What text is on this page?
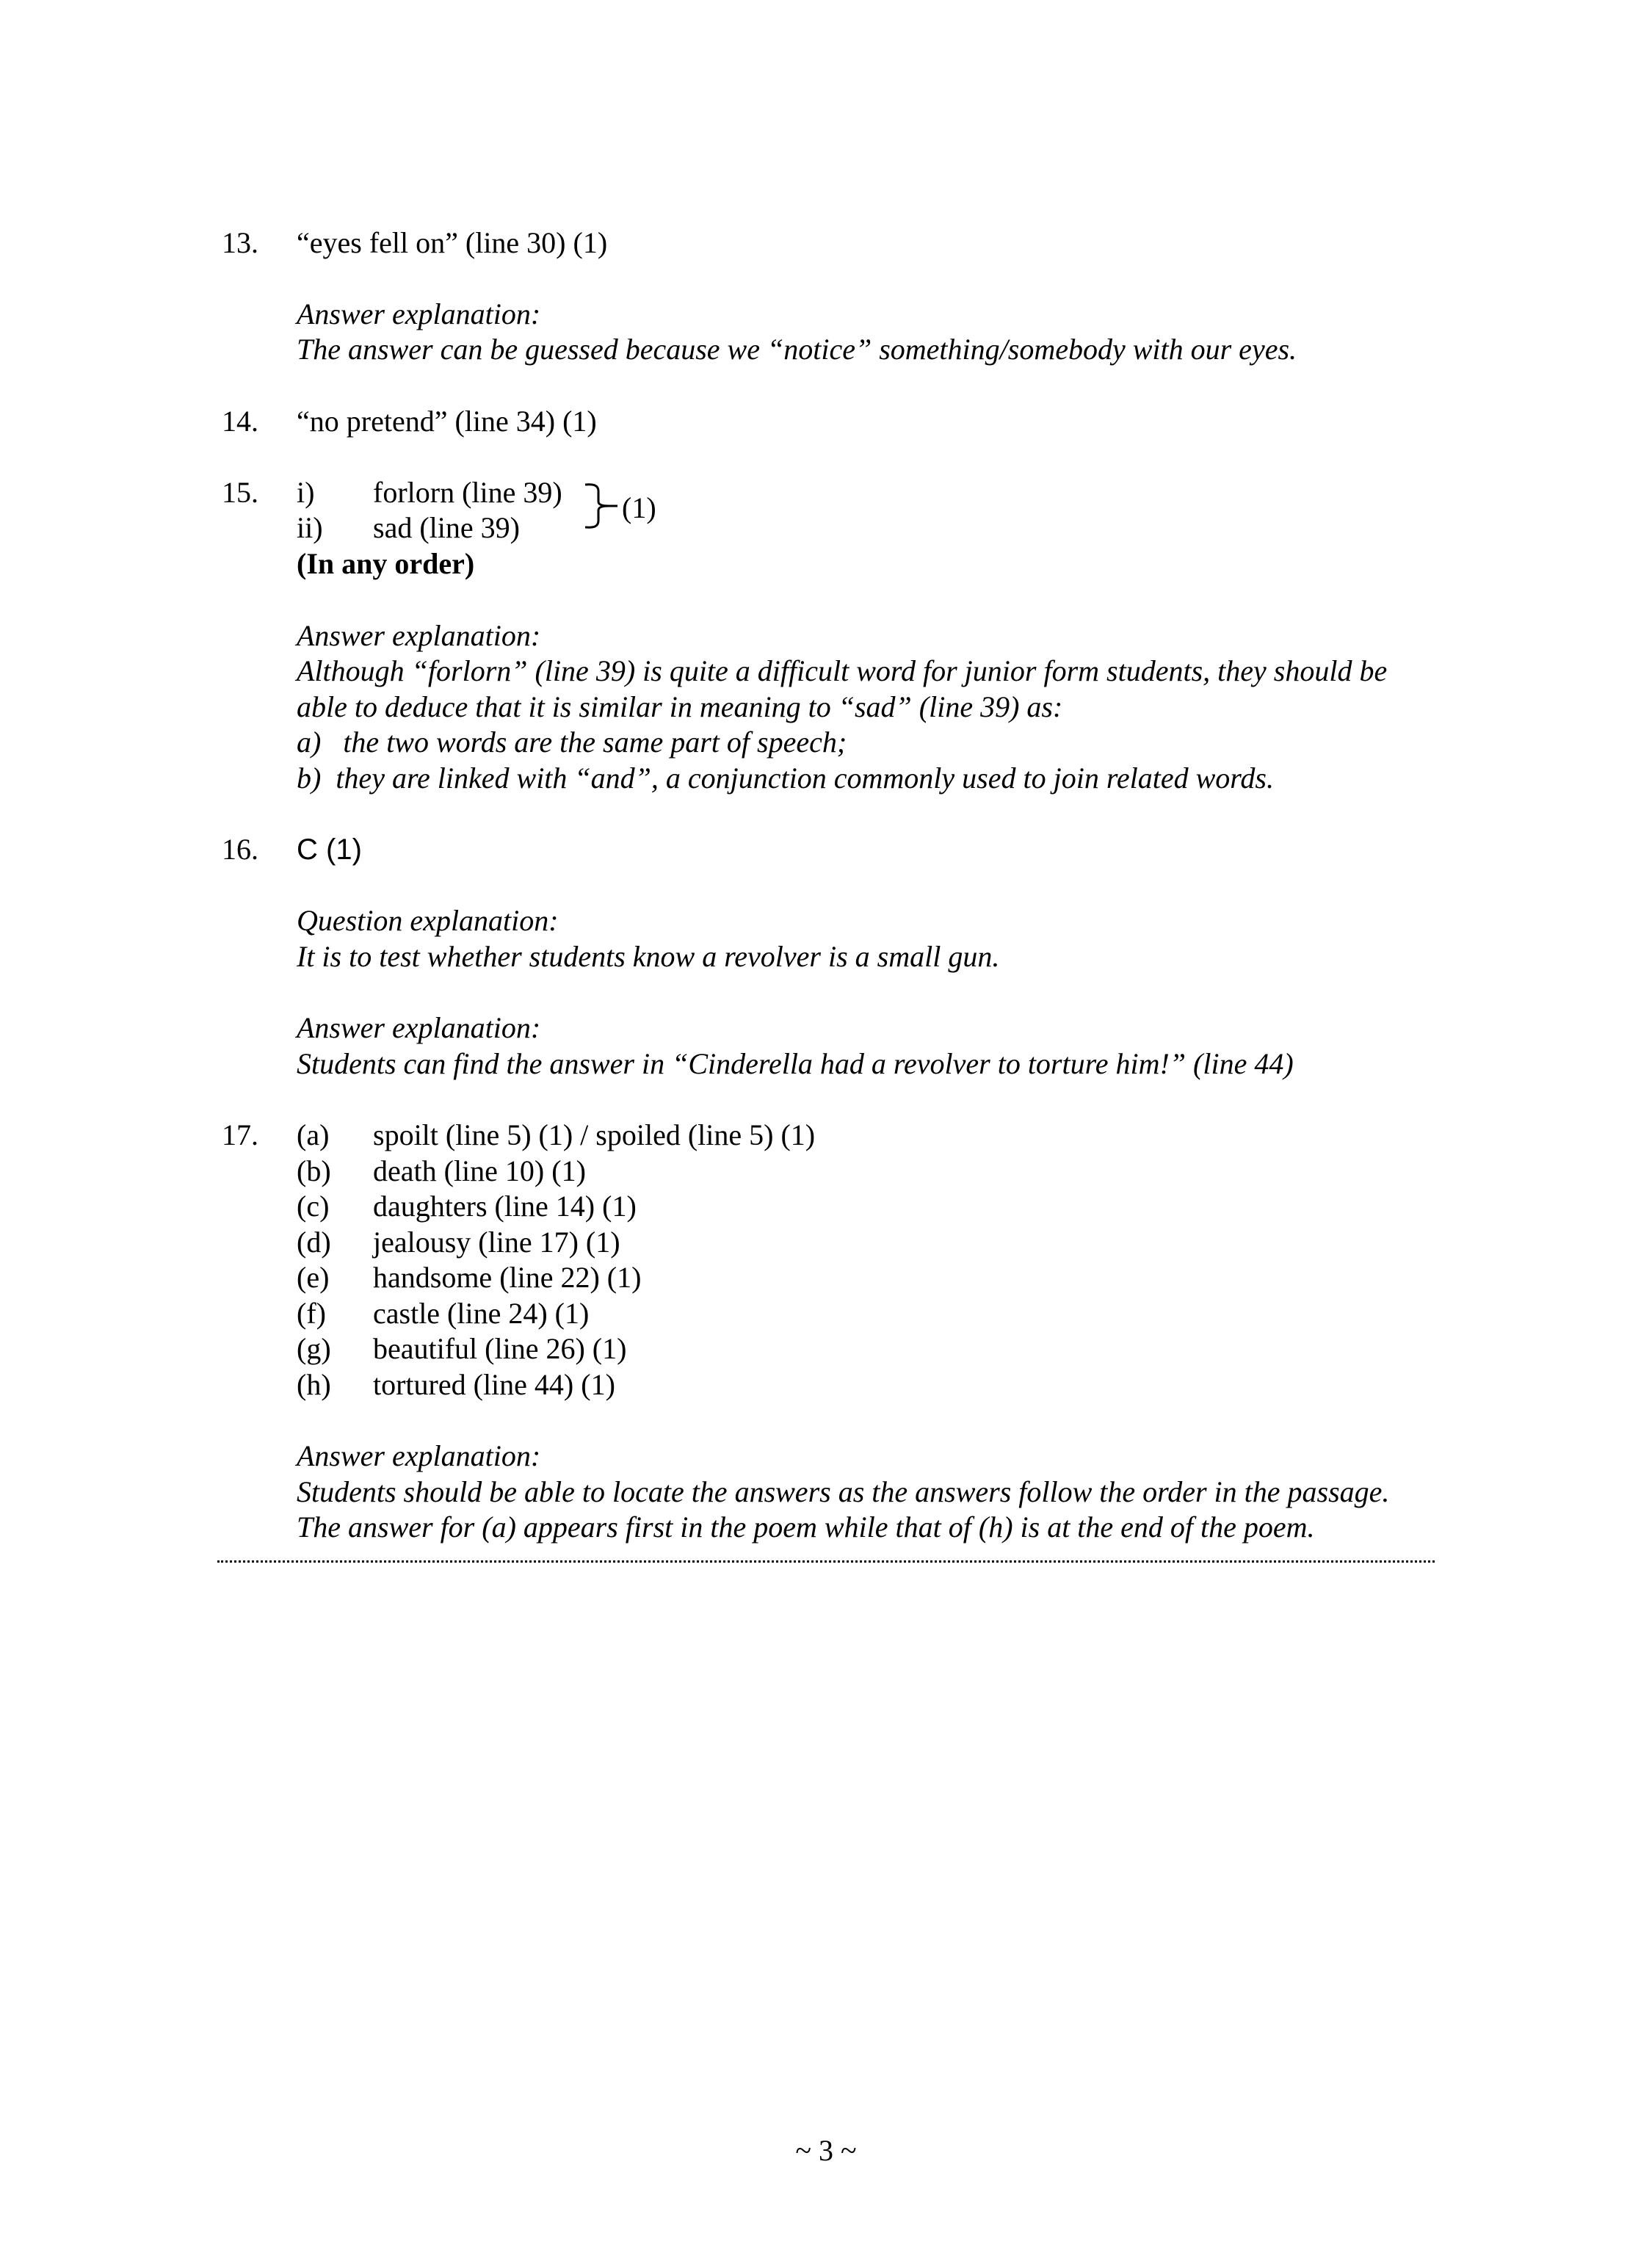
13. “eyes fell on” (line 30) (1)
Answer explanation:
The answer can be guessed because we “notice” something/somebody with our eyes.
14. “no pretend” (line 34) (1)
15. i) forlorn (line 39)
ii) sad (line 39)
(1)
(In any order)
Answer explanation:
Although “forlorn” (line 39) is quite a difficult word for junior form students, they should be
able to deduce that it is similar in meaning to “sad” (line 39) as:
a)   the two words are the same part of speech;
b)  they are linked with “and”, a conjunction commonly used to join related words.
16. C (1)
Question explanation:
It is to test whether students know a revolver is a small gun.
Answer explanation:
Students can find the answer in “Cinderella had a revolver to torture him!” (line 44)
17. (a) spoilt (line 5) (1) / spoiled (line 5) (1)
(b) death (line 10) (1)
(c) daughters (line 14) (1)
(d) jealousy (line 17) (1)
(e) handsome (line 22) (1)
(f) castle (line 24) (1)
(g) beautiful (line 26) (1)
(h) tortured (line 44) (1)
Answer explanation:
Students should be able to locate the answers as the answers follow the order in the passage.
The answer for (a) appears first in the poem while that of (h) is at the end of the poem.
~ 3 ~
